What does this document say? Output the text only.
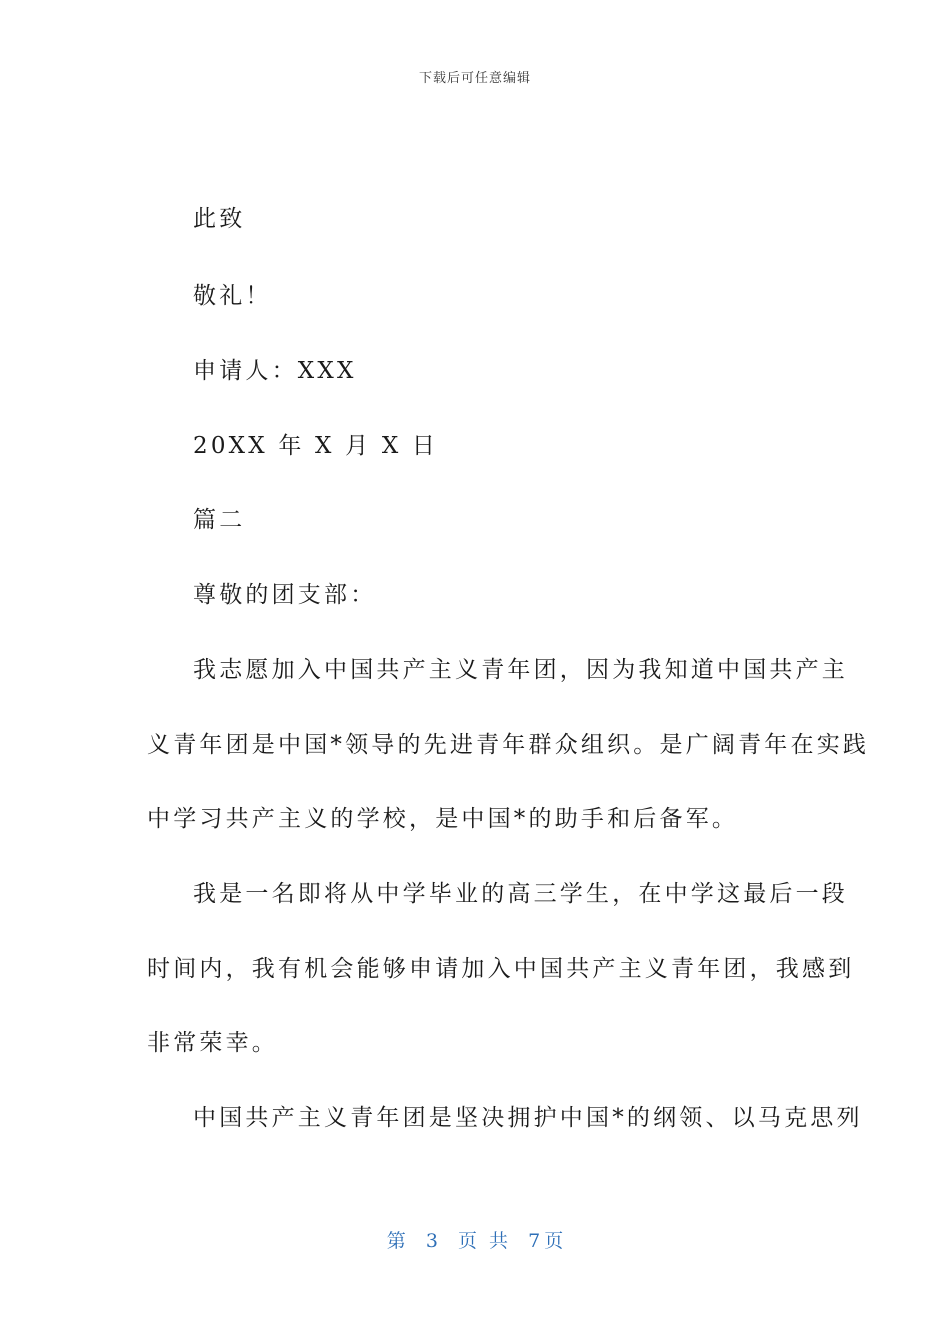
下载后可任意编辑
此致
敬礼！
申请人：XXX
20XX 年 X 月 X 日
篇二
尊敬的团支部：
我志愿加入中国共产主义青年团，因为我知道中国共产主
义青年团是中国*领导的先进青年群众组织。是广阔青年在实践
中学习共产主义的学校，是中国*的助手和后备军。
我是一名即将从中学毕业的高三学生，在中学这最后一段
时间内，我有机会能够申请加入中国共产主义青年团，我感到
非常荣幸。
中国共产主义青年团是坚决拥护中国*的纲领、以马克思列
第 3 页 共 7 页
